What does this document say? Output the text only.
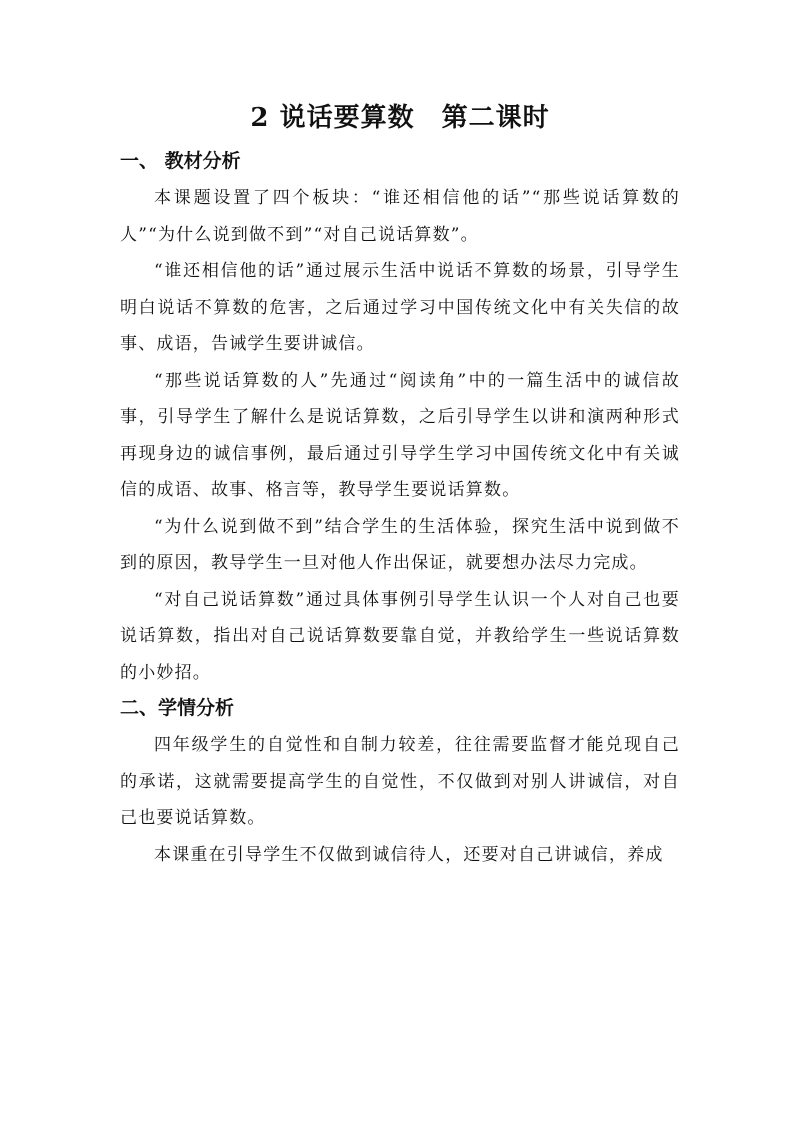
2 说话要算数　第二课时
一、 教材分析

本课题设置了四个板块：“谁还相信他的话”“那些说话算数的人”“为什么说到做不到”“对自己说话算数”。

“谁还相信他的话”通过展示生活中说话不算数的场景，引导学生明白说话不算数的危害，之后通过学习中国传统文化中有关失信的故事、成语，告诫学生要讲诚信。

“那些说话算数的人”先通过“阅读角”中的一篇生活中的诚信故事，引导学生了解什么是说话算数，之后引导学生以讲和演两种形式再现身边的诚信事例，最后通过引导学生学习中国传统文化中有关诚信的成语、故事、格言等，教导学生要说话算数。

“为什么说到做不到”结合学生的生活体验，探究生活中说到做不到的原因，教导学生一旦对他人作出保证，就要想办法尽力完成。

“对自己说话算数”通过具体事例引导学生认识一个人对自己也要说话算数，指出对自己说话算数要靠自觉，并教给学生一些说话算数的小妙招。

二、学情分析

四年级学生的自觉性和自制力较差，往往需要监督才能兑现自己的承诺，这就需要提高学生的自觉性，不仅做到对别人讲诚信，对自己也要说话算数。

本课重在引导学生不仅做到诚信待人，还要对自己讲诚信，养成
